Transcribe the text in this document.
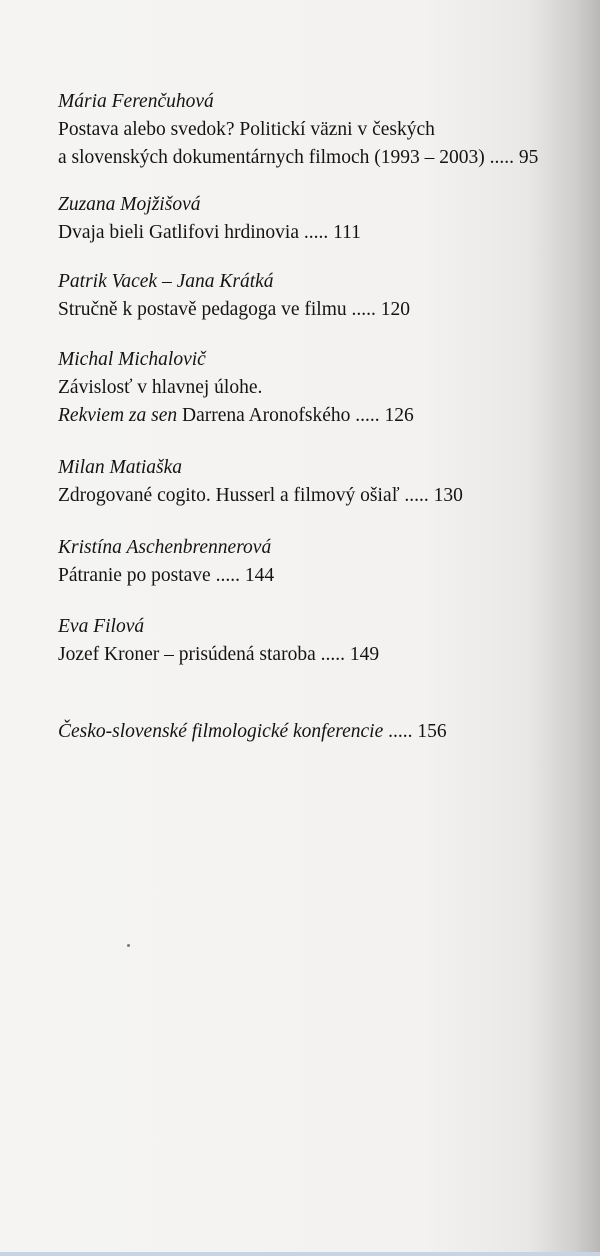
Mária Ferenčuhová
Postava alebo svedok? Politickí väzni v českých
a slovenských dokumentárnych filmoch (1993 – 2003) ..... 95
Zuzana Mojžišová
Dvaja bieli Gatlifovi hrdinovia ..... 111
Patrik Vacek – Jana Krátká
Stručně k postavě pedagoga ve filmu ..... 120
Michal Michalovič
Závislosť v hlavnej úlohe.
Rekviem za sen Darrena Aronofského ..... 126
Milan Matiaška
Zdrogované cogito. Husserl a filmový ošiaľ ..... 130
Kristína Aschenbrennerová
Pátranie po postave ..... 144
Eva Filová
Jozef Kroner – prisúdená staroba ..... 149
Česko-slovenské filmologické konferencie ..... 156
